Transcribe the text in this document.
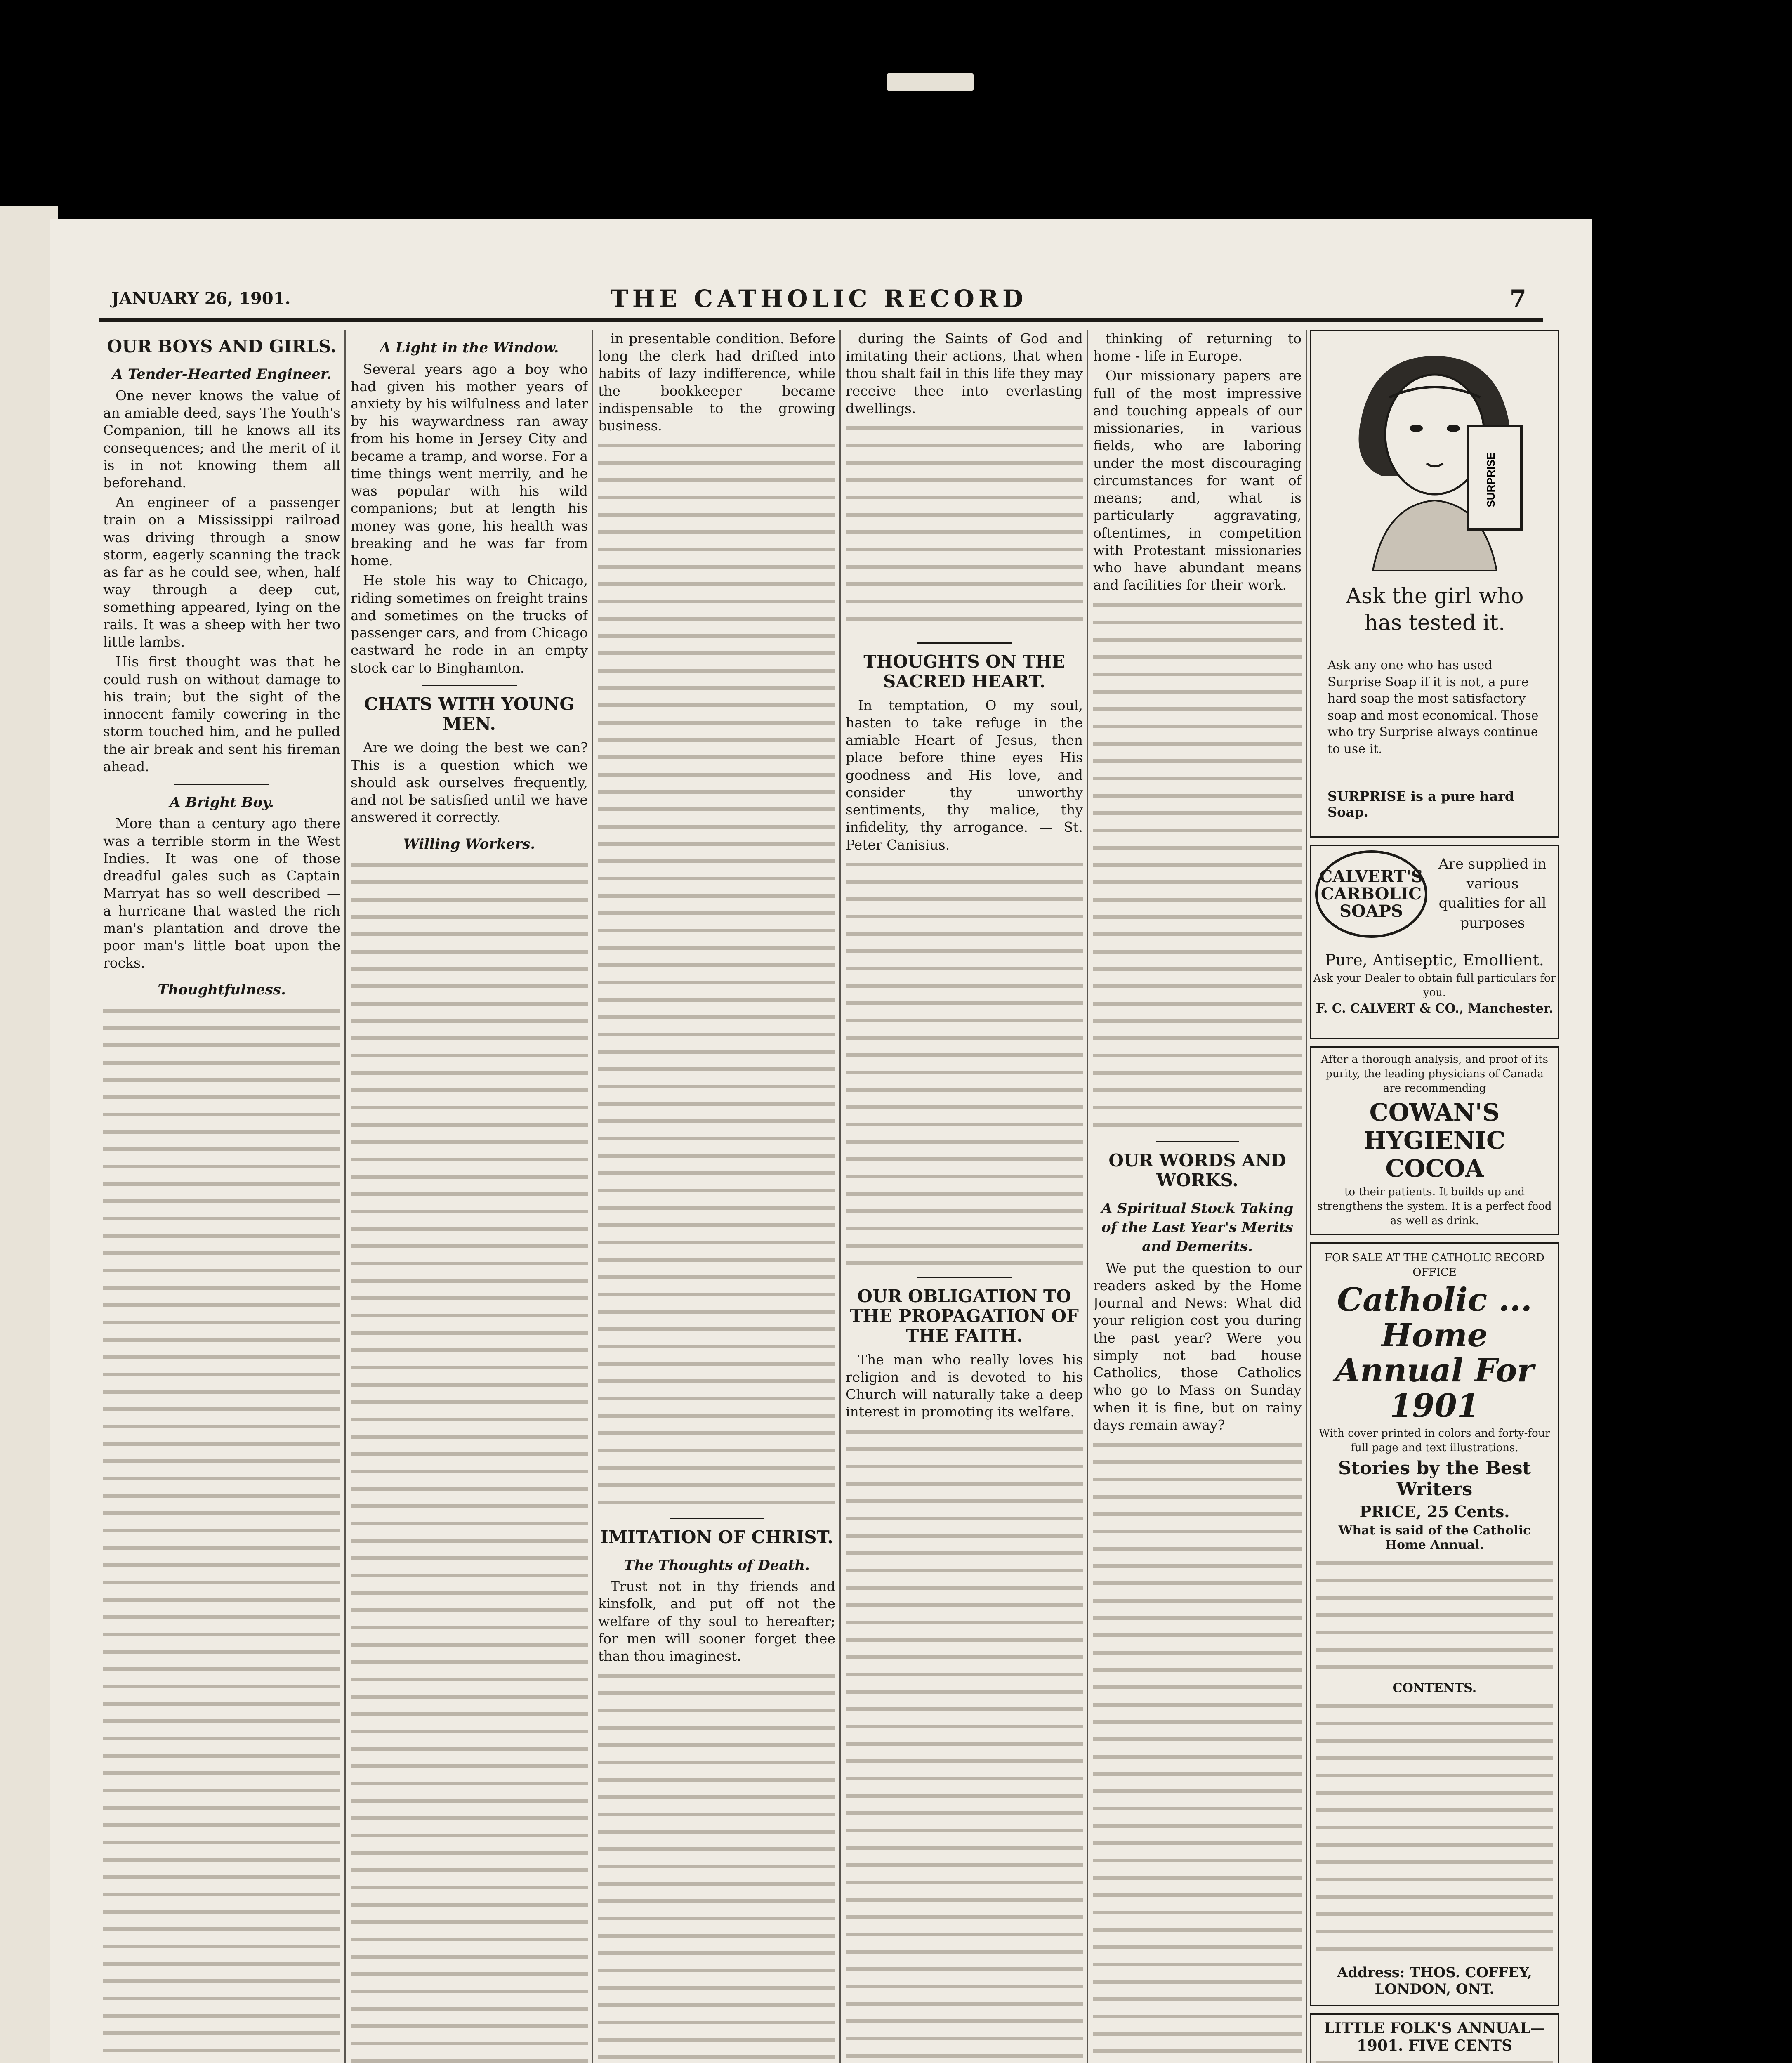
JANUARY 26, 1901.	THE CATHOLIC RECORD	7
OUR BOYS AND GIRLS.
A Tender-Hearted Engineer.

One never knows the value of an amiable deed, says The Youth's Companion, till he knows all its consequences; and the merit of it is in not knowing them all beforehand.

An engineer of a passenger train on a Mississippi railroad was driving through a snow storm, eagerly scanning the track as far as he could see, when, half way through a deep cut, something appeared, lying on the rails. It was a sheep with her two little lambs.

His first thought was that he could rush on without damage to his train; but the sight of the innocent family cowering in the storm touched him, and he pulled the air break and sent his fireman ahead.

A Bright Boy.

More than a century ago there was a terrible storm in the West Indies. It was one of those dreadful gales such as Captain Marryat has so well described — a hurricane that wasted the rich man's plantation and drove the poor man's little boat upon the rocks.

Thoughtfulness.
A Light in the Window.

Several years ago a boy who had given his mother years of anxiety by his wilfulness and later by his waywardness ran away from his home in Jersey City and became a tramp, and worse. For a time things went merrily, and he was popular with his wild companions; but at length his money was gone, his health was breaking and he was far from home.

He stole his way to Chicago, riding sometimes on freight trains and sometimes on the trucks of passenger cars, and from Chicago eastward he rode in an empty stock car to Binghamton.

CHATS WITH YOUNG MEN.

Are we doing the best we can? This is a question which we should ask ourselves frequently, and not be satisfied until we have answered it correctly.

Willing Workers.

in presentable condition. Before long the clerk had drifted into habits of lazy indifference, while the bookkeeper became indispensable to the growing business.

IMITATION OF CHRIST.
The Thoughts of Death.

Trust not in thy friends and kinsfolk, and put off not the welfare of thy soul to hereafter; for men will sooner forget thee than thou imaginest.

during the Saints of God and imitating their actions, that when thou shalt fail in this life they may receive thee into everlasting dwellings.

THOUGHTS ON THE SACRED HEART.

In temptation, O my soul, hasten to take refuge in the amiable Heart of Jesus, then place before thine eyes His goodness and His love, and consider thy unworthy sentiments, thy malice, thy infidelity, thy arrogance. — St. Peter Canisius.

OUR OBLIGATION TO THE PROPAGATION OF THE FAITH.

The man who really loves his religion and is devoted to his Church will naturally take a deep interest in promoting its welfare.

thinking of returning to home - life in Europe.

Our missionary papers are full of the most impressive and touching appeals of our missionaries, in various fields, who are laboring under the most discouraging circumstances for want of means; and, what is particularly aggravating, oftentimes, in competition with Protestant missionaries who have abundant means and facilities for their work.

OUR WORDS AND WORKS.
A Spiritual Stock Taking of the Last Year's Merits and Demerits.

We put the question to our readers asked by the Home Journal and News: What did your religion cost you during the past year? Were you simply not bad house Catholics, those Catholics who go to Mass on Sunday when it is fine, but on rainy days remain away?

SURPRISE
Ask the girl who has tested it.
Ask any one who has used Surprise Soap if it is not, a pure hard soap the most satisfactory soap and most economical. Those who try Surprise always continue to use it.
SURPRISE is a pure hard Soap.
CALVERT'S CARBOLIC SOAPS
Are supplied in various qualities for all purposes
Pure, Antiseptic, Emollient.
Ask your Dealer to obtain full particulars for you.
F. C. CALVERT & CO., Manchester.
After a thorough analysis, and proof of its purity, the leading physicians of Canada are recommending
COWAN'S HYGIENIC COCOA
to their patients. It builds up and strengthens the system. It is a perfect food as well as drink.

FOR SALE AT THE CATHOLIC RECORD OFFICE

Catholic ... Home Annual For 1901

With cover printed in colors and forty-four full page and text illustrations.

Stories by the Best Writers

PRICE, 25 Cents.

What is said of the Catholic Home Annual.

CONTENTS.

Address: THOS. COFFEY, LONDON, ONT.

LITTLE FOLK'S ANNUAL—1901. FIVE CENTS
